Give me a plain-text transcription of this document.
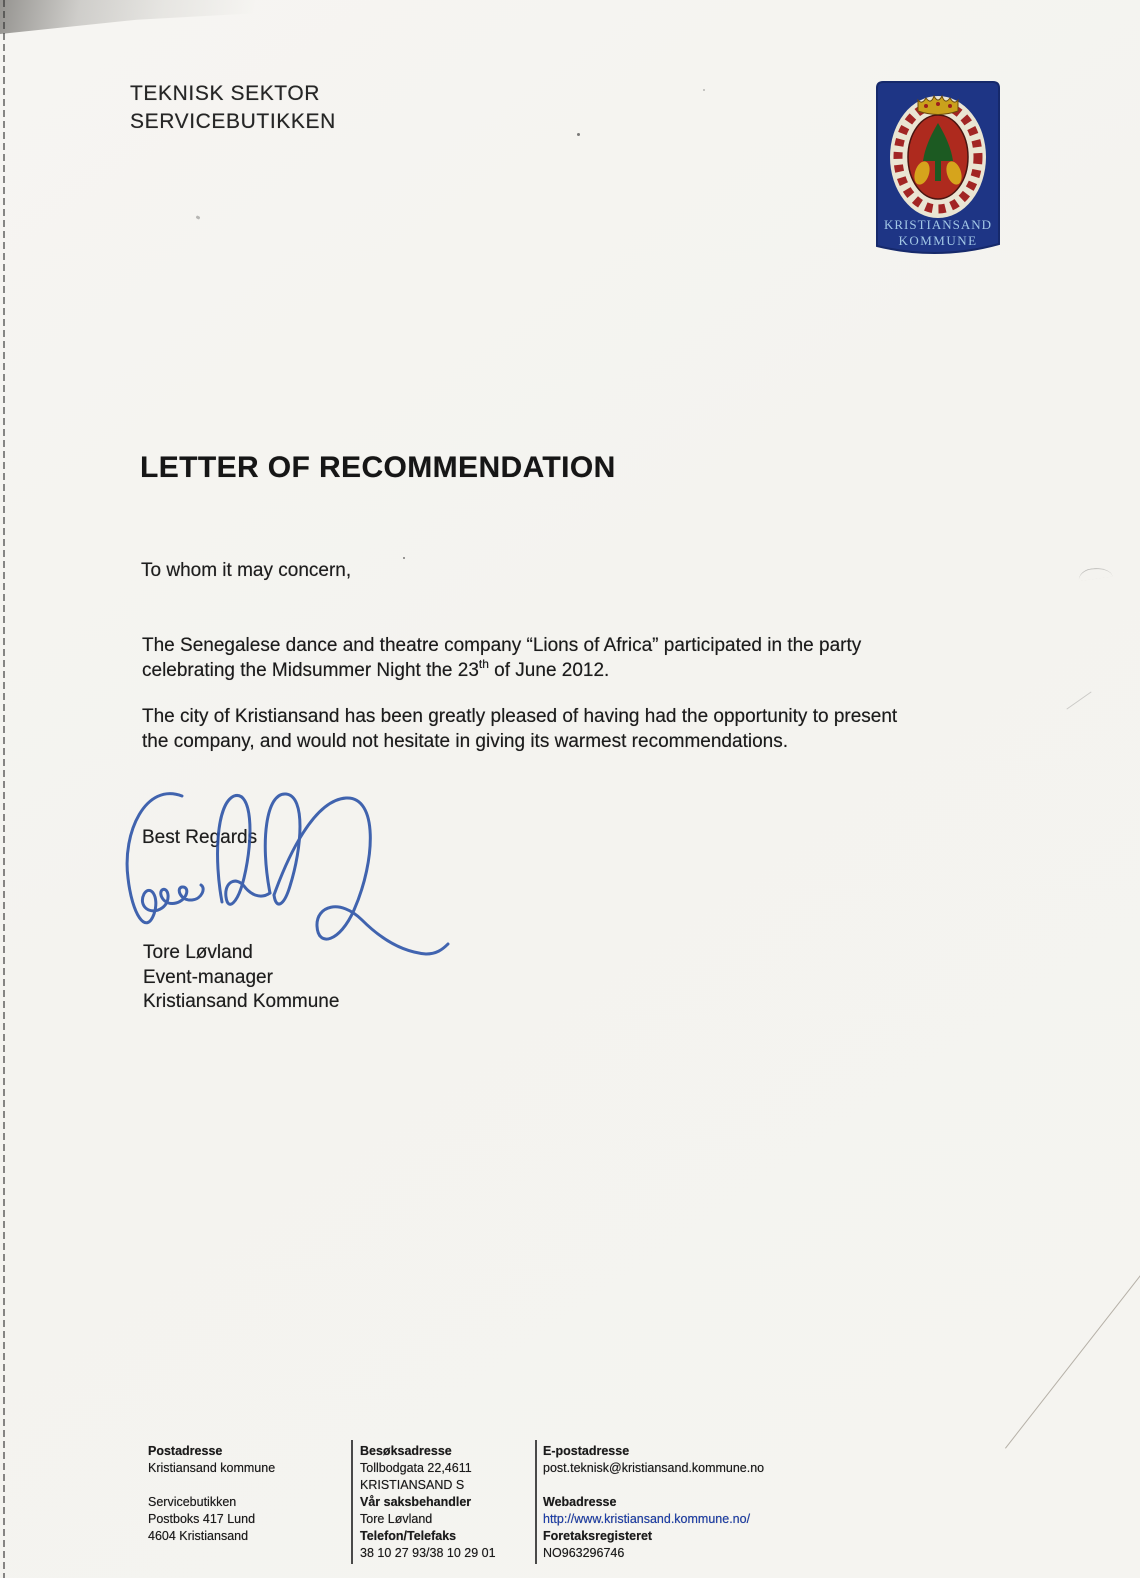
TEKNISK SEKTOR
SERVICEBUTIKKEN
KRISTIANSAND
KOMMUNE
LETTER OF RECOMMENDATION
To whom it may concern,
The Senegalese dance and theatre company “Lions of Africa” participated in the party
celebrating the Midsummer Night the 23th of June 2012.
The city of Kristiansand has been greatly pleased of having had the opportunity to present
the company, and would not hesitate in giving its warmest recommendations.
Best Regards
Tore Løvland
Event-manager
Kristiansand Kommune
Postadresse
Kristiansand kommune
Servicebutikken
Postboks 417 Lund
4604 Kristiansand
Besøksadresse
Tollbodgata 22,4611
KRISTIANSAND S
Vår saksbehandler
Tore Løvland
Telefon/Telefaks
38 10 27 93/38 10 29 01
E-postadresse
post.teknisk@kristiansand.kommune.no
Webadresse
http://www.kristiansand.kommune.no/
Foretaksregisteret
NO963296746
